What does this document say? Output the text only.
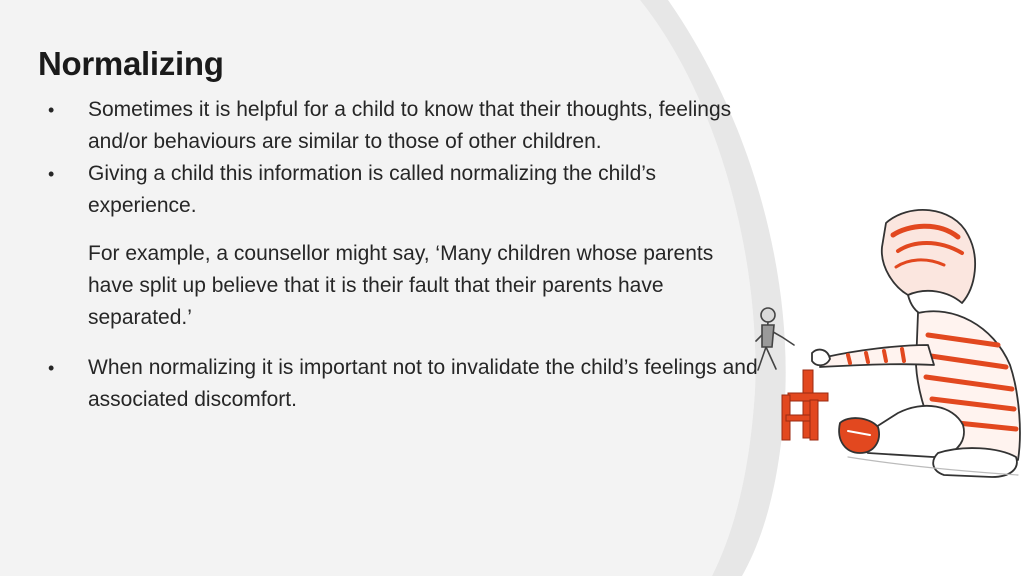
Normalizing
• Sometimes it is helpful for a child to know that their thoughts, feelings and/or behaviours are similar to those of other children.
• Giving a child this information is called normalizing the child’s experience.
For example, a counsellor might say, ‘Many children whose parents have split up believe that it is their fault that their parents have separated.’
• When normalizing it is important not to invalidate the child’s feelings and associated discomfort.
